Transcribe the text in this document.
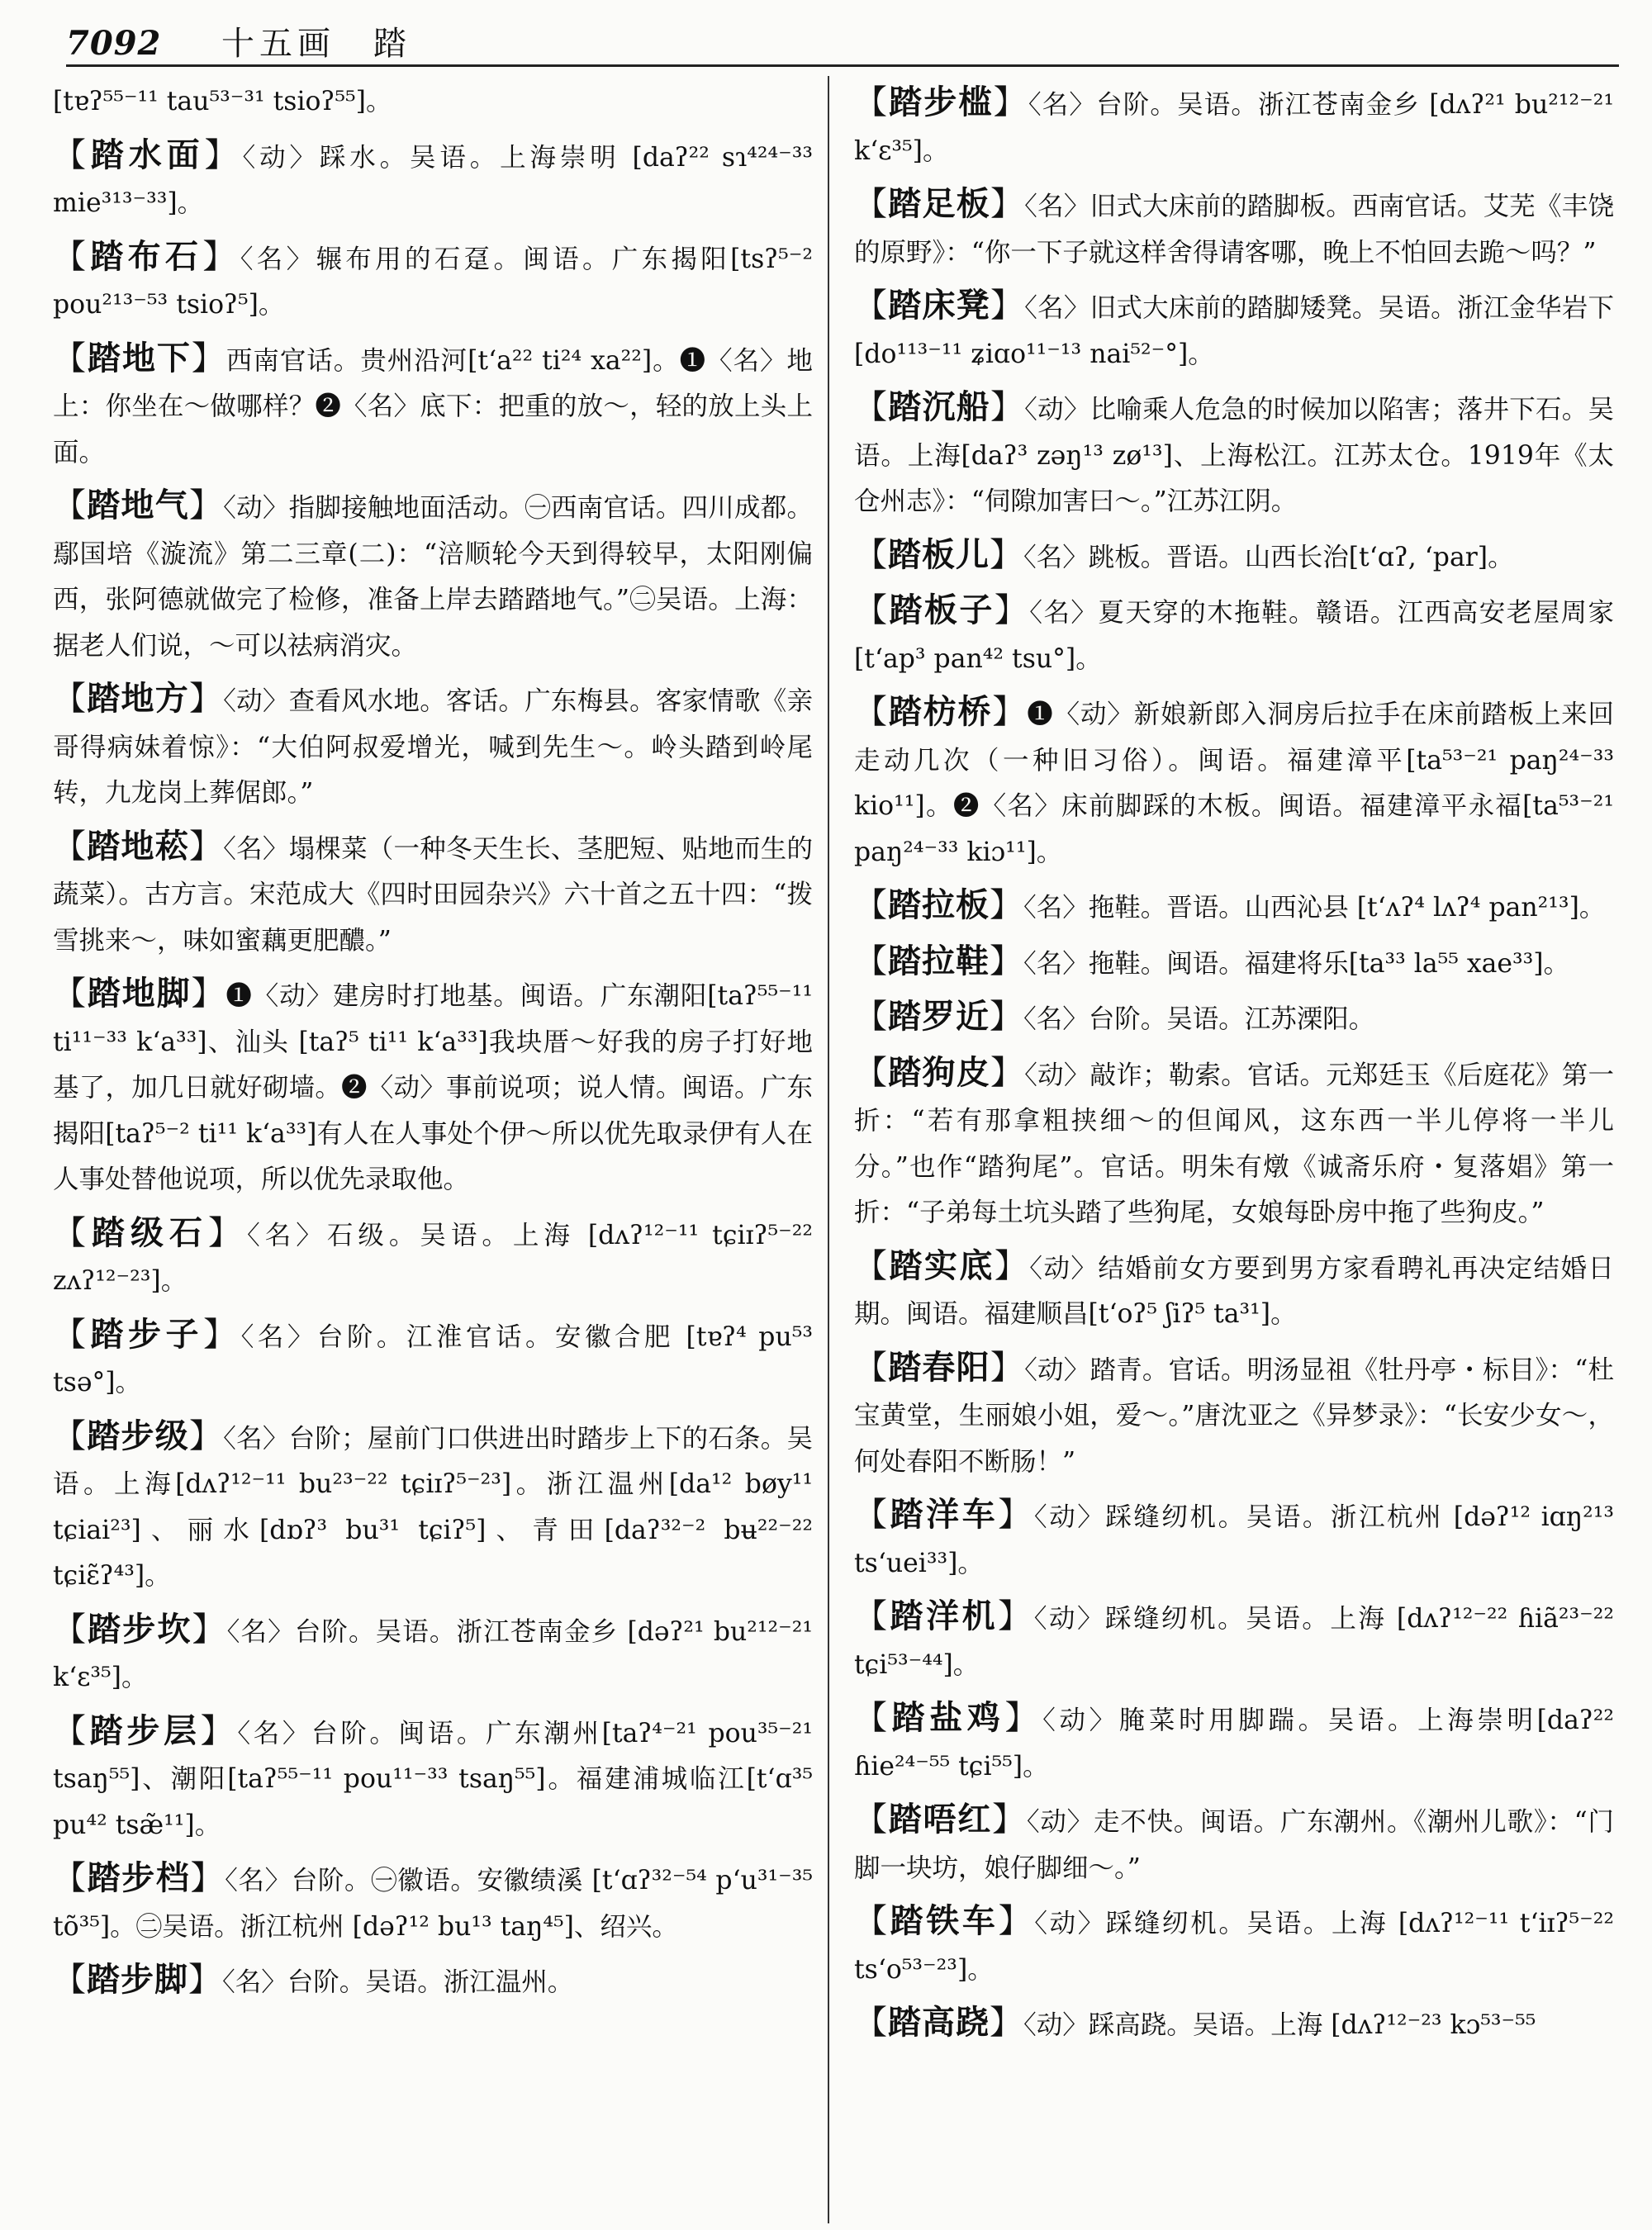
7092 十五画　踏
[tɐʔ⁵⁵⁻¹¹ tau⁵³⁻³¹ tsioʔ⁵⁵]。

【踏水面】〈动〉踩水。吴语。上海崇明 [daʔ²² sɿ⁴²⁴⁻³³ mie³¹³⁻³³]。

【踏布石】〈名〉辗布用的石趸。闽语。广东揭阳[tsʔ⁵⁻² pou²¹³⁻⁵³ tsioʔ⁵]。

【踏地下】西南官话。贵州沿河[tʻa²² ti²⁴ xa²²]。❶〈名〉地上：你坐在～做哪样？❷〈名〉底下：把重的放～，轻的放上头上面。

【踏地气】〈动〉指脚接触地面活动。㊀西南官话。四川成都。鄢国培《漩流》第二三章(二)：“涪顺轮今天到得较早，太阳刚偏西，张阿德就做完了检修，准备上岸去踏踏地气。”㊁吴语。上海：据老人们说，～可以祛病消灾。

【踏地方】〈动〉查看风水地。客话。广东梅县。客家情歌《亲哥得病妹着惊》：“大伯阿叔爱增光，喊到先生～。岭头踏到岭尾转，九龙岗上葬倨郎。”

【踏地菘】〈名〉塌棵菜（一种冬天生长、茎肥短、贴地而生的蔬菜）。古方言。宋范成大《四时田园杂兴》六十首之五十四：“拨雪挑来～，味如蜜藕更肥醲。”

【踏地脚】❶〈动〉建房时打地基。闽语。广东潮阳[taʔ⁵⁵⁻¹¹ ti¹¹⁻³³ kʻa³³]、汕头 [taʔ⁵ ti¹¹ kʻa³³]我块厝～好我的房子打好地基了，加几日就好砌墙。❷〈动〉事前说项；说人情。闽语。广东揭阳[taʔ⁵⁻² ti¹¹ kʻa³³]有人在人事处个伊～所以优先取录伊有人在人事处替他说项，所以优先录取他。

【踏级石】〈名〉石级。吴语。上海 [dʌʔ¹²⁻¹¹ tɕiɪʔ⁵⁻²² zʌʔ¹²⁻²³]。

【踏步子】〈名〉台阶。江淮官话。安徽合肥 [tɐʔ⁴ pu⁵³ tsə°]。

【踏步级】〈名〉台阶；屋前门口供进出时踏步上下的石条。吴语。上海[dʌʔ¹²⁻¹¹ bu²³⁻²² tɕiɪʔ⁵⁻²³]。浙江温州[da¹² bøy¹¹ tɕiai²³]、丽水[dɒʔ³ bu³¹ tɕiʔ⁵]、青田[daʔ³²⁻² bʉ²²⁻²² tɕiɛ̃ʔ⁴³]。

【踏步坎】〈名〉台阶。吴语。浙江苍南金乡 [dəʔ²¹ bu²¹²⁻²¹ kʻɛ³⁵]。

【踏步层】〈名〉台阶。闽语。广东潮州[taʔ⁴⁻²¹ pou³⁵⁻²¹ tsaŋ⁵⁵]、潮阳[taʔ⁵⁵⁻¹¹ pou¹¹⁻³³ tsaŋ⁵⁵]。福建浦城临江[tʻɑ³⁵ pu⁴² tsæ̃¹¹]。

【踏步档】〈名〉台阶。㊀徽语。安徽绩溪 [tʻɑʔ³²⁻⁵⁴ pʻu³¹⁻³⁵ tõ³⁵]。㊁吴语。浙江杭州 [dəʔ¹² bu¹³ taŋ⁴⁵]、绍兴。

【踏步脚】〈名〉台阶。吴语。浙江温州。

【踏步槛】〈名〉台阶。吴语。浙江苍南金乡 [dʌʔ²¹ bu²¹²⁻²¹ kʻɛ³⁵]。

【踏足板】〈名〉旧式大床前的踏脚板。西南官话。艾芜《丰饶的原野》：“你一下子就这样舍得请客哪，晚上不怕回去跪～吗？”

【踏床凳】〈名〉旧式大床前的踏脚矮凳。吴语。浙江金华岩下 [do¹¹³⁻¹¹ ʑiɑo¹¹⁻¹³ nai⁵²⁻°]。

【踏沉船】〈动〉比喻乘人危急的时候加以陷害；落井下石。吴语。上海[daʔ³ zəŋ¹³ zø¹³]、上海松江。江苏太仓。1919年《太仓州志》：“伺隙加害曰～。”江苏江阴。

【踏板儿】〈名〉跳板。晋语。山西长治[tʻɑʔ, ʻpar]。

【踏板子】〈名〉夏天穿的木拖鞋。赣语。江西高安老屋周家[tʻap³ pan⁴² tsu°]。

【踏枋桥】❶〈动〉新娘新郎入洞房后拉手在床前踏板上来回走动几次（一种旧习俗）。闽语。福建漳平[ta⁵³⁻²¹ paŋ²⁴⁻³³ kio¹¹]。❷〈名〉床前脚踩的木板。闽语。福建漳平永福[ta⁵³⁻²¹ paŋ²⁴⁻³³ kiɔ¹¹]。

【踏拉板】〈名〉拖鞋。晋语。山西沁县 [tʻʌʔ⁴ lʌʔ⁴ pan²¹³]。

【踏拉鞋】〈名〉拖鞋。闽语。福建将乐[ta³³ la⁵⁵ xae³³]。

【踏罗近】〈名〉台阶。吴语。江苏溧阳。

【踏狗皮】〈动〉敲诈；勒索。官话。元郑廷玉《后庭花》第一折：“若有那拿粗挟细～的但闻风，这东西一半儿停将一半儿分。”也作“踏狗尾”。官话。明朱有燉《诚斋乐府・复落娼》第一折：“子弟每土坑头踏了些狗尾，女娘每卧房中拖了些狗皮。”

【踏实底】〈动〉结婚前女方要到男方家看聘礼再决定结婚日期。闽语。福建顺昌[tʻoʔ⁵ ʃiʔ⁵ ta³¹]。

【踏春阳】〈动〉踏青。官话。明汤显祖《牡丹亭・标目》：“杜宝黄堂，生丽娘小姐，爱～。”唐沈亚之《异梦录》：“长安少女～，何处春阳不断肠！”

【踏洋车】〈动〉踩缝纫机。吴语。浙江杭州 [dəʔ¹² iɑŋ²¹³ tsʻuei³³]。

【踏洋机】〈动〉踩缝纫机。吴语。上海 [dʌʔ¹²⁻²² ɦiã²³⁻²² tɕi⁵³⁻⁴⁴]。

【踏盐鸡】〈动〉腌菜时用脚踹。吴语。上海崇明[daʔ²² ɦie²⁴⁻⁵⁵ tɕi⁵⁵]。

【踏唔红】〈动〉走不快。闽语。广东潮州。《潮州儿歌》：“门脚一块坊，娘仔脚细～。”

【踏铁车】〈动〉踩缝纫机。吴语。上海 [dʌʔ¹²⁻¹¹ tʻiɪʔ⁵⁻²² tsʻo⁵³⁻²³]。

【踏高跷】〈动〉踩高跷。吴语。上海 [dʌʔ¹²⁻²³ kɔ⁵³⁻⁵⁵
